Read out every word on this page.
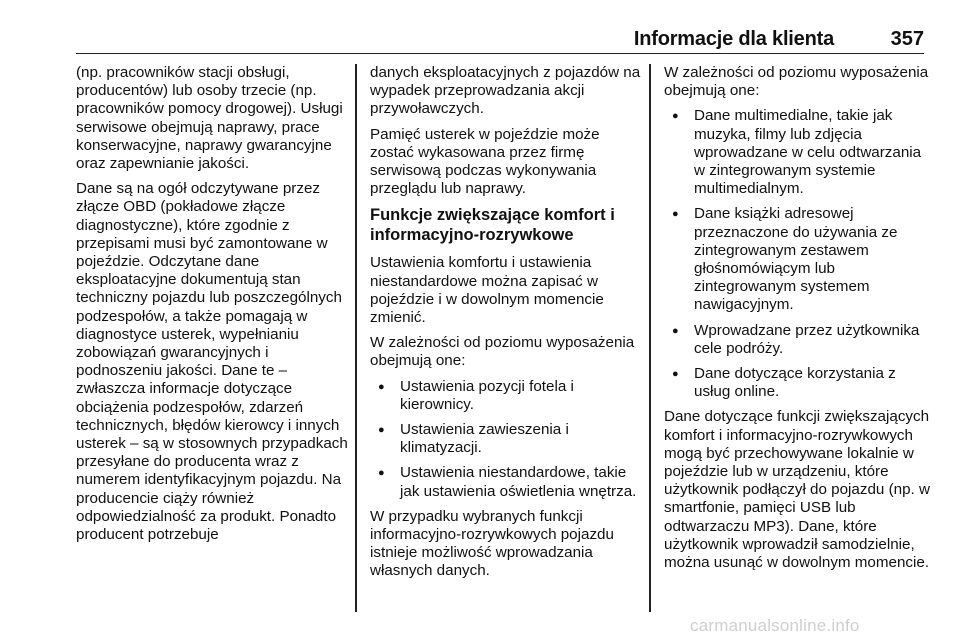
Informacje dla klienta	357

(np. pracowników stacji obsługi, producentów) lub osoby trzecie (np. pracowników pomocy drogowej). Usługi serwisowe obejmują naprawy, prace konserwacyjne, naprawy gwarancyjne oraz zapewnianie jakości.

Dane są na ogół odczytywane przez złącze OBD (pokładowe złącze diagnostyczne), które zgodnie z przepisami musi być zamontowane w pojeździe. Odczytane dane eksploatacyjne dokumentują stan techniczny pojazdu lub poszczególnych podzespołów, a także pomagają w diagnostyce usterek, wypełnianiu zobowiązań gwarancyjnych i podnoszeniu jakości. Dane te – zwłaszcza informacje dotyczące obciążenia podzespołów, zdarzeń technicznych, błędów kierowcy i innych usterek – są w stosownych przypadkach przesyłane do producenta wraz z numerem identyfikacyjnym pojazdu. Na producencie ciąży również odpowiedzialność za produkt. Ponadto producent potrzebuje

danych eksploatacyjnych z pojazdów na wypadek przeprowadzania akcji przywoławczych.

Pamięć usterek w pojeździe może zostać wykasowana przez firmę serwisową podczas wykonywania przeglądu lub naprawy.

Funkcje zwiększające komfort i informacyjno-rozrywkowe

Ustawienia komfortu i ustawienia niestandardowe można zapisać w pojeździe i w dowolnym momencie zmienić.

W zależności od poziomu wyposażenia obejmują one:

● Ustawienia pozycji fotela i kierownicy.
● Ustawienia zawieszenia i klimatyzacji.
● Ustawienia niestandardowe, takie jak ustawienia oświetlenia wnętrza.

W przypadku wybranych funkcji informacyjno-rozrywkowych pojazdu istnieje możliwość wprowadzania własnych danych.

W zależności od poziomu wyposażenia obejmują one:

● Dane multimedialne, takie jak muzyka, filmy lub zdjęcia wprowadzane w celu odtwarzania w zintegrowanym systemie multimedialnym.
● Dane książki adresowej przeznaczone do używania ze zintegrowanym zestawem głośnomówiącym lub zintegrowanym systemem nawigacyjnym.
● Wprowadzane przez użytkownika cele podróży.
● Dane dotyczące korzystania z usług online.

Dane dotyczące funkcji zwiększających komfort i informacyjno-rozrywkowych mogą być przechowywane lokalnie w pojeździe lub w urządzeniu, które użytkownik podłączył do pojazdu (np. w smartfonie, pamięci USB lub odtwarzaczu MP3). Dane, które użytkownik wprowadził samodzielnie, można usunąć w dowolnym momencie.

carmanualsonline.info
